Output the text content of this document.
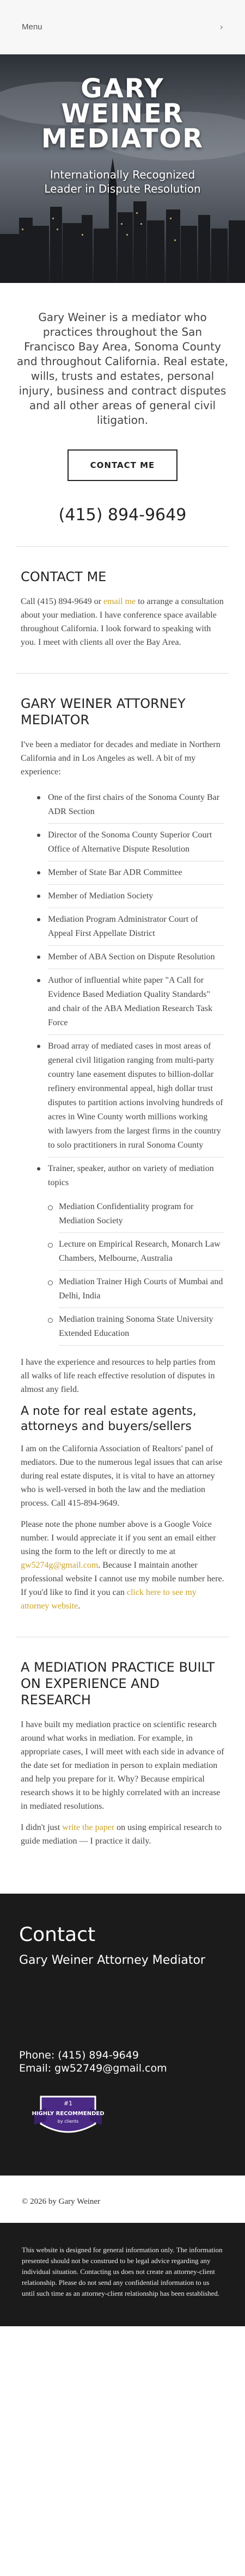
Menu	›
GARY
WEINER
MEDIATOR
Internationally Recognized Leader in Dispute Resolution

Gary Weiner is a mediator who practices throughout the San Francisco Bay Area, Sonoma County and throughout California. Real estate, wills, trusts and estates, personal injury, business and contract disputes and all other areas of general civil litigation.

CONTACT ME
(415) 894-9649
CONTACT ME

Call (415) 894-9649 or email me to arrange a consultation about your mediation. I have conference space available throughout California. I look forward to speaking with you. I meet with clients all over the Bay Area.

GARY WEINER ATTORNEY MEDIATOR

I've been a mediator for decades and mediate in Northern California and in Los Angeles as well. A bit of my experience:

One of the first chairs of the Sonoma County Bar ADR Section
Director of the Sonoma County Superior Court Office of Alternative Dispute Resolution
Member of State Bar ADR Committee
Member of Mediation Society
Mediation Program Administrator Court of Appeal First Appellate District
Member of ABA Section on Dispute Resolution
Author of influential white paper "A Call for Evidence Based Mediation Quality Standards" and chair of the ABA Mediation Research Task Force
Broad array of mediated cases in most areas of general civil litigation ranging from multi-party country lane easement disputes to billion-dollar refinery environmental appeal, high dollar trust disputes to partition actions involving hundreds of acres in Wine County worth millions working with lawyers from the largest firms in the country to solo practitioners in rural Sonoma County
Trainer, speaker, author on variety of mediation topics
Mediation Confidentiality program for Mediation Society
Lecture on Empirical Research, Monarch Law Chambers, Melbourne, Australia
Mediation Trainer High Courts of Mumbai and Delhi, India
Mediation training Sonoma State University Extended Education

I have the experience and resources to help parties from all walks of life reach effective resolution of disputes in almost any field.

A note for real estate agents, attorneys and buyers/sellers

I am on the California Association of Realtors' panel of mediators. Due to the numerous legal issues that can arise during real estate disputes, it is vital to have an attorney who is well-versed in both the law and the mediation process. Call 415-894-9649.

Please note the phone number above is a Google Voice number. I would appreciate it if you sent an email either using the form to the left or directly to me at gw5274g@gmail.com. Because I maintain another professional website I cannot use my mobile number here. If you'd like to find it you can click here to see my attorney website.

A MEDIATION PRACTICE BUILT ON EXPERIENCE AND RESEARCH

I have built my mediation practice on scientific research around what works in mediation. For example, in appropriate cases, I will meet with each side in advance of the date set for mediation in person to explain mediation and help you prepare for it. Why? Because empirical research shows it to be highly correlated with an increase in mediated resolutions.

I didn't just write the paper on using empirical research to guide mediation — I practice it daily.

Contact
Gary Weiner Attorney Mediator
Phone: (415) 894-9649
Email: gw52749@gmail.com
#1
HIGHLY RECOMMENDED
by clients
© 2026 by Gary Weiner

This website is designed for general information only. The information presented should not be construed to be legal advice regarding any individual situation. Contacting us does not create an attorney-client relationship. Please do not send any confidential information to us until such time as an attorney-client relationship has been established.
